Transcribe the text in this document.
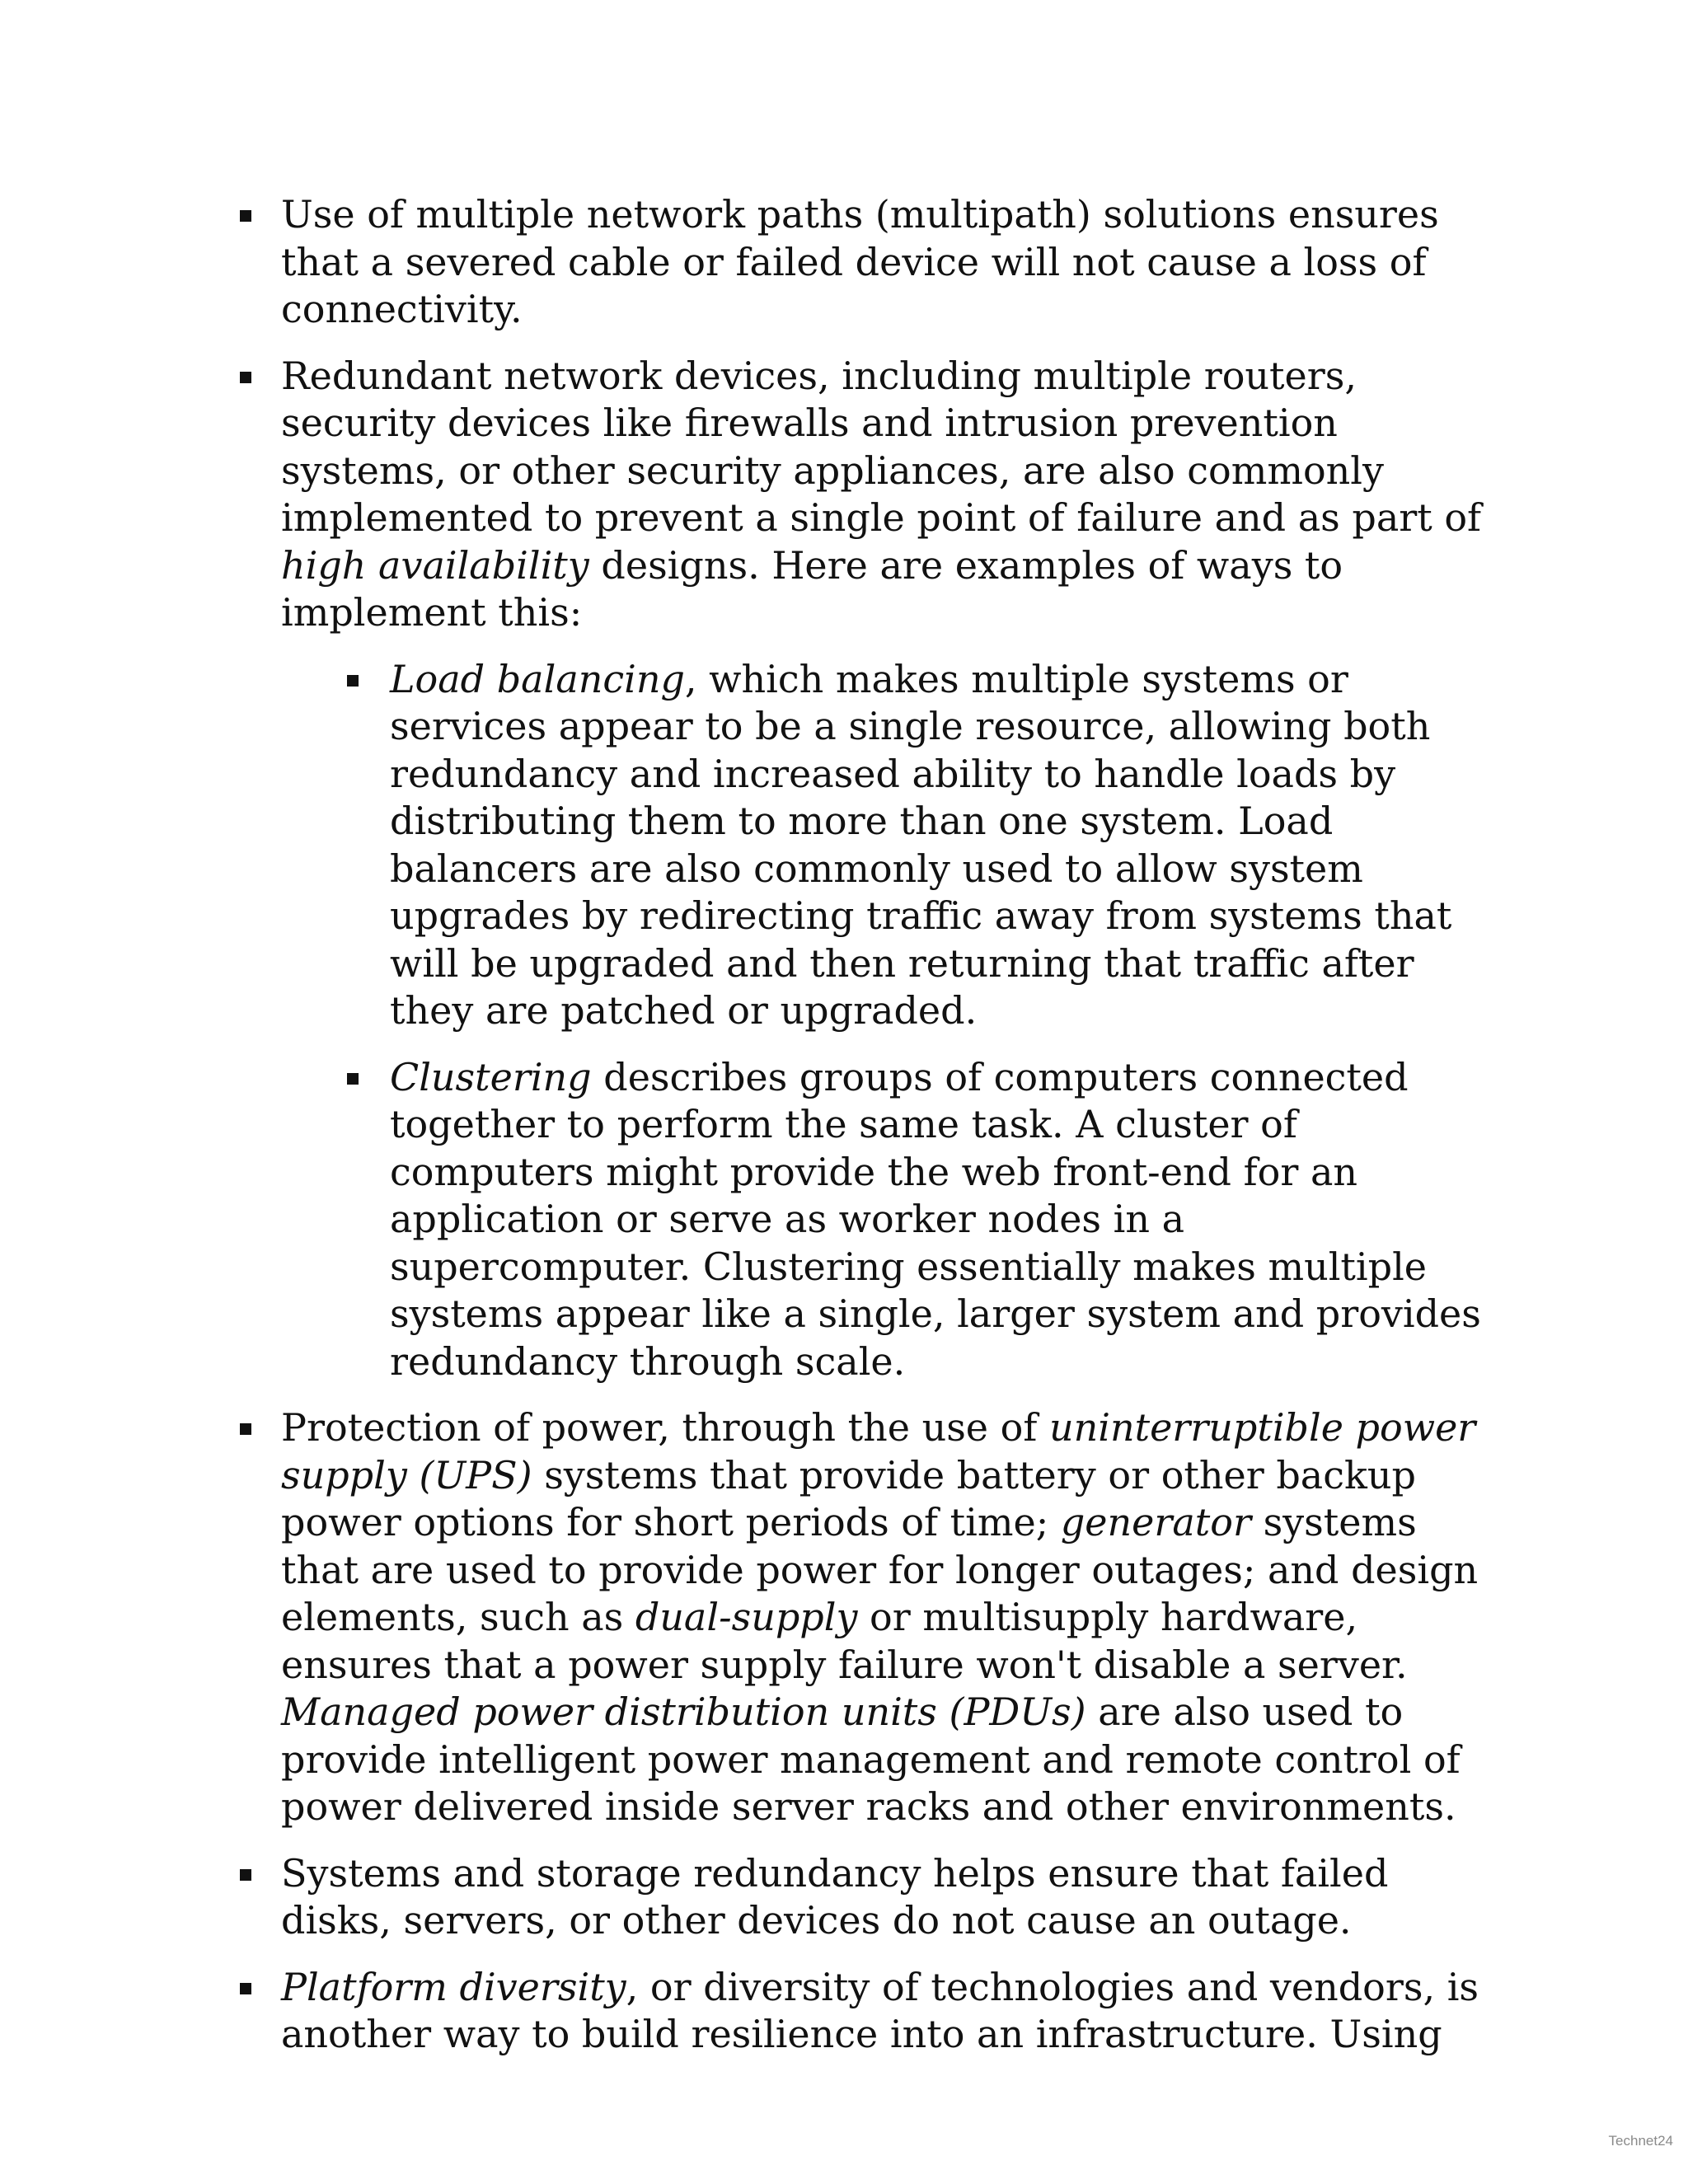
Use of multiple network paths (multipath) solutions ensures that a severed cable or failed device will not cause a loss of connectivity.
Redundant network devices, including multiple routers, security devices like firewalls and intrusion prevention systems, or other security appliances, are also commonly implemented to prevent a single point of failure and as part of high availability designs. Here are examples of ways to implement this:
Load balancing, which makes multiple systems or services appear to be a single resource, allowing both redundancy and increased ability to handle loads by distributing them to more than one system. Load balancers are also commonly used to allow system upgrades by redirecting traffic away from systems that will be upgraded and then returning that traffic after they are patched or upgraded.
Clustering describes groups of computers connected together to perform the same task. A cluster of computers might provide the web front-end for an application or serve as worker nodes in a supercomputer. Clustering essentially makes multiple systems appear like a single, larger system and provides redundancy through scale.
Protection of power, through the use of uninterruptible power supply (UPS) systems that provide battery or other backup power options for short periods of time; generator systems that are used to provide power for longer outages; and design elements, such as dual-supply or multisupply hardware, ensures that a power supply failure won't disable a server. Managed power distribution units (PDUs) are also used to provide intelligent power management and remote control of power delivered inside server racks and other environments.
Systems and storage redundancy helps ensure that failed disks, servers, or other devices do not cause an outage.
Platform diversity, or diversity of technologies and vendors, is another way to build resilience into an infrastructure. Using
Technet24
